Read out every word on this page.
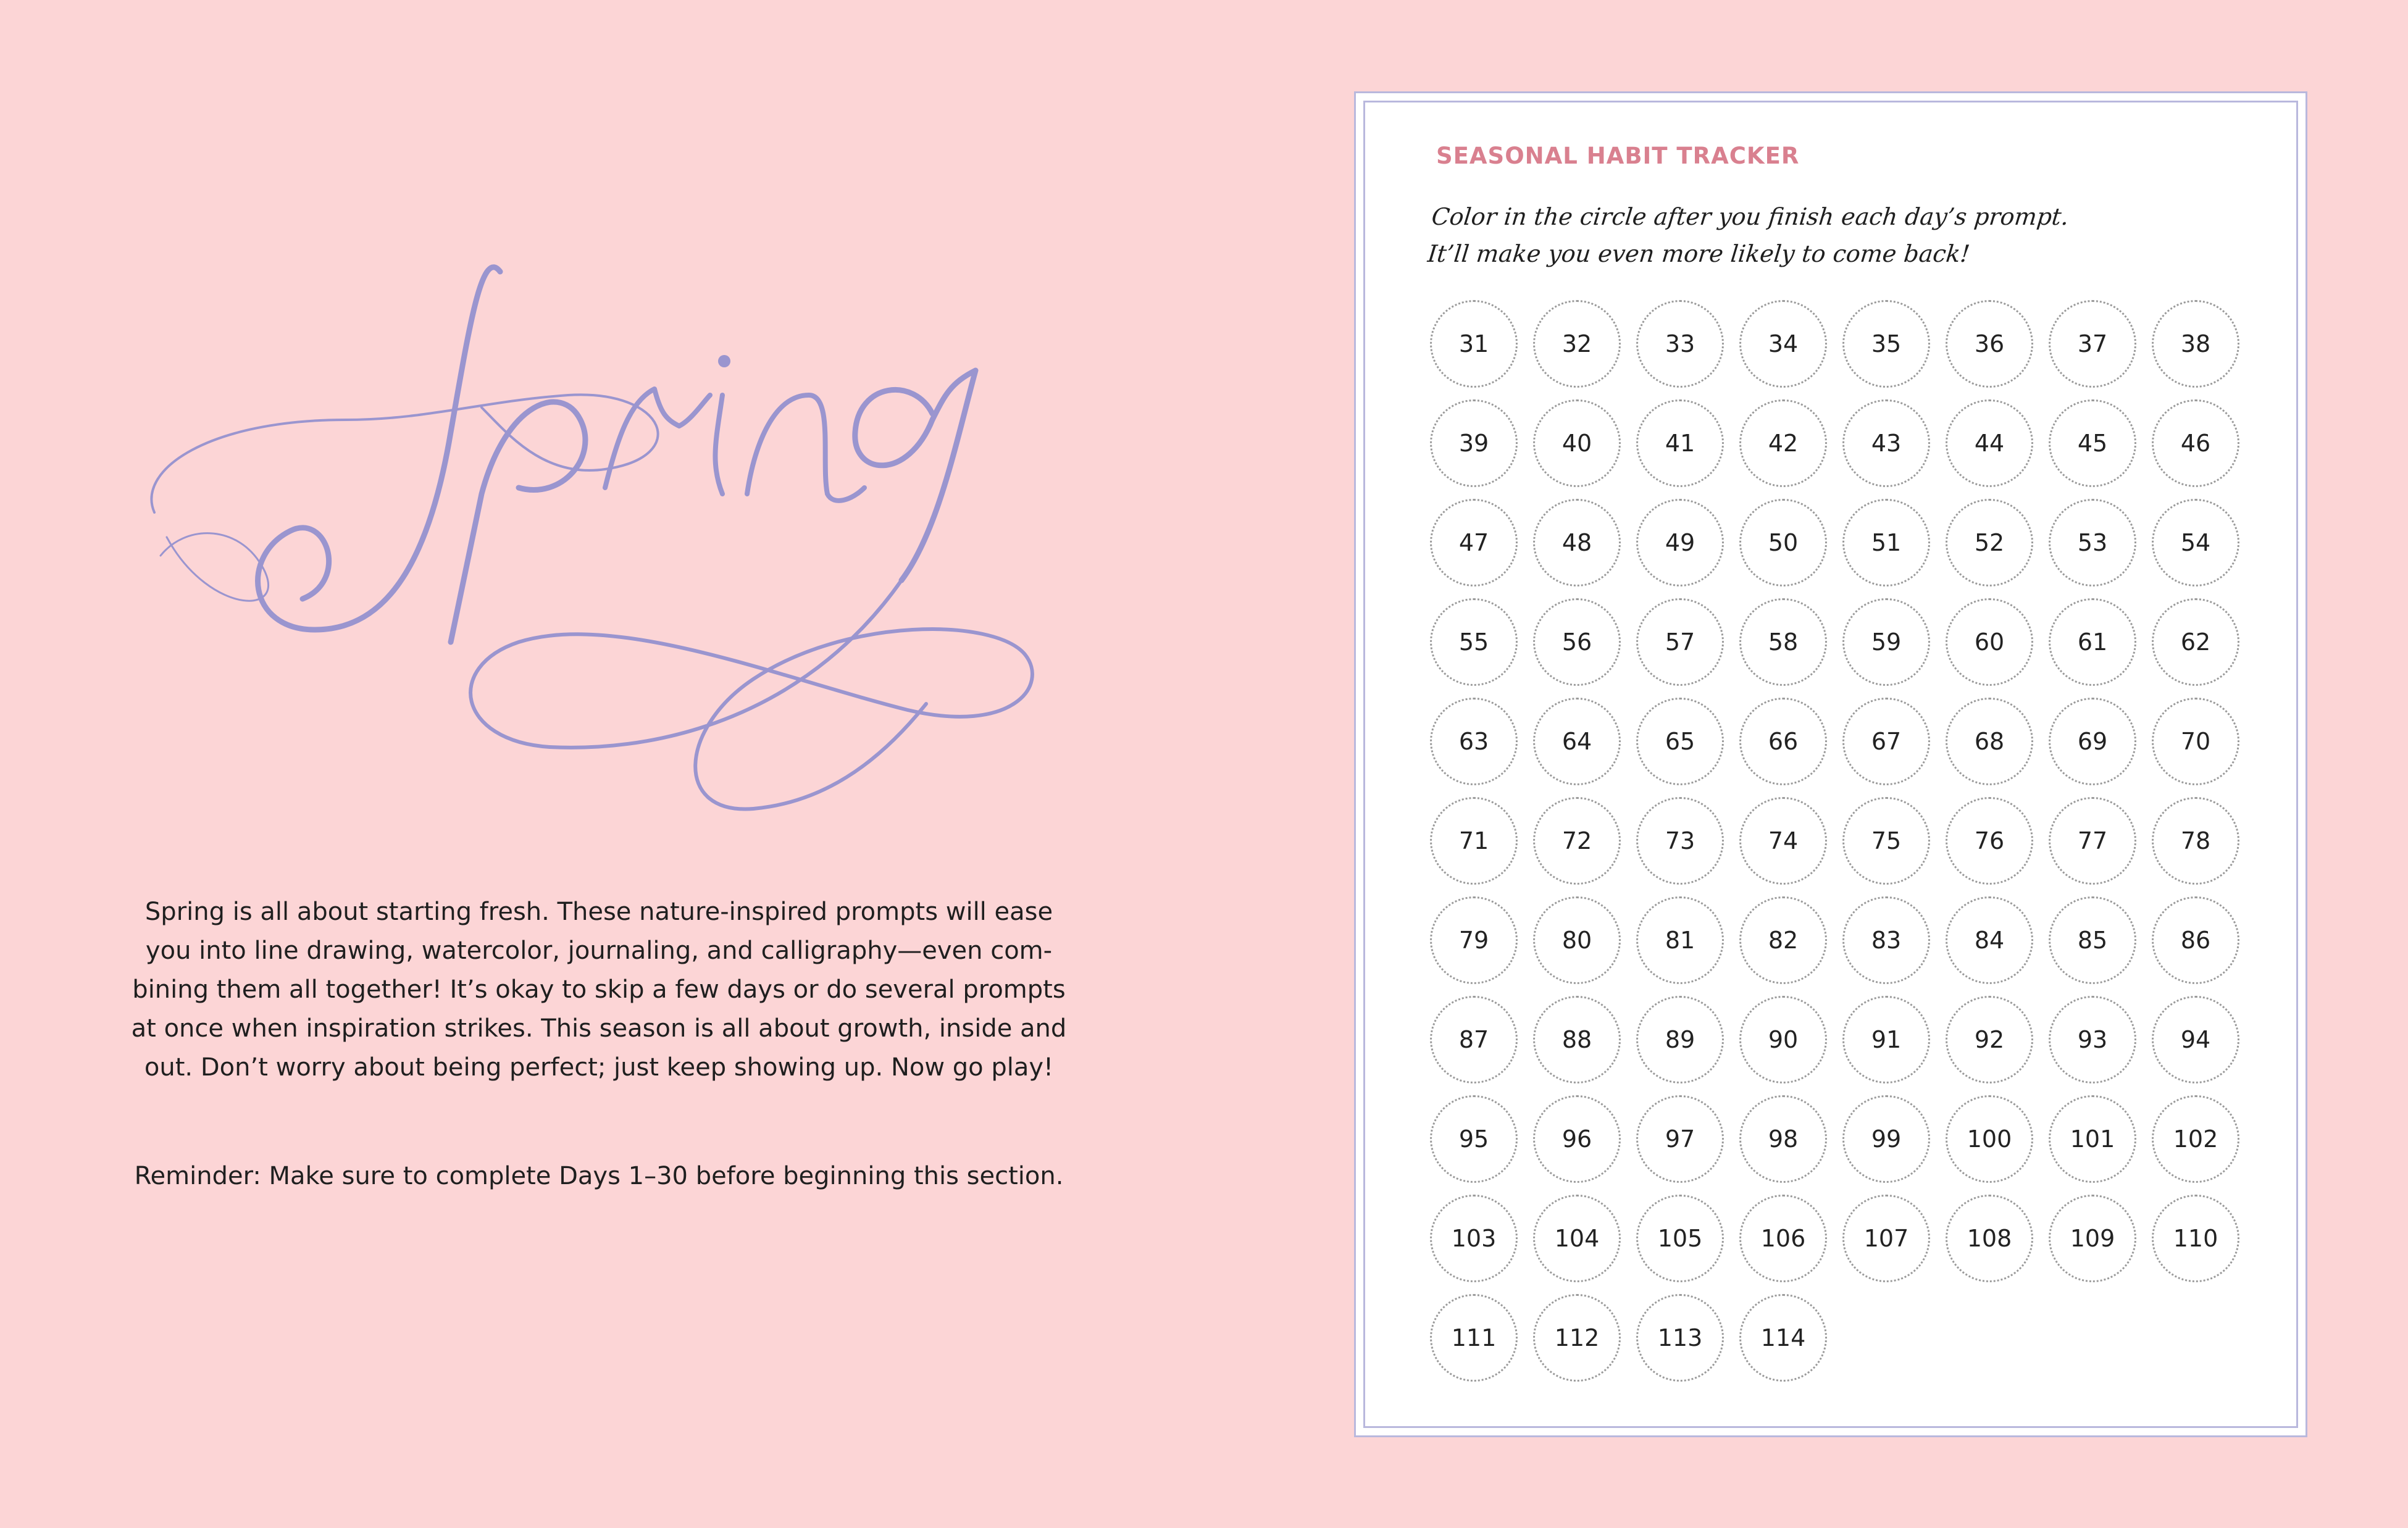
Spring is all about starting fresh. These nature-inspired prompts will ease

you into line drawing, watercolor, journaling, and calligraphy—even com-

bining them all together! It’s okay to skip a few days or do several prompts

at once when inspiration strikes. This season is all about growth, inside and

out. Don’t worry about being perfect; just keep showing up. Now go play!

Reminder: Make sure to complete Days 1–30 before beginning this section.

SEASONAL HABIT TRACKER
Color in the circle after you finish each day’s prompt.
It’ll make you even more likely to come back!
31	32	33	34	35	36	37	38
39	40	41	42	43	44	45	46
47	48	49	50	51	52	53	54
55	56	57	58	59	60	61	62
63	64	65	66	67	68	69	70
71	72	73	74	75	76	77	78
79	80	81	82	83	84	85	86
87	88	89	90	91	92	93	94
95	96	97	98	99	100	101	102
103	104	105	106	107	108	109	110
111	112	113	114
